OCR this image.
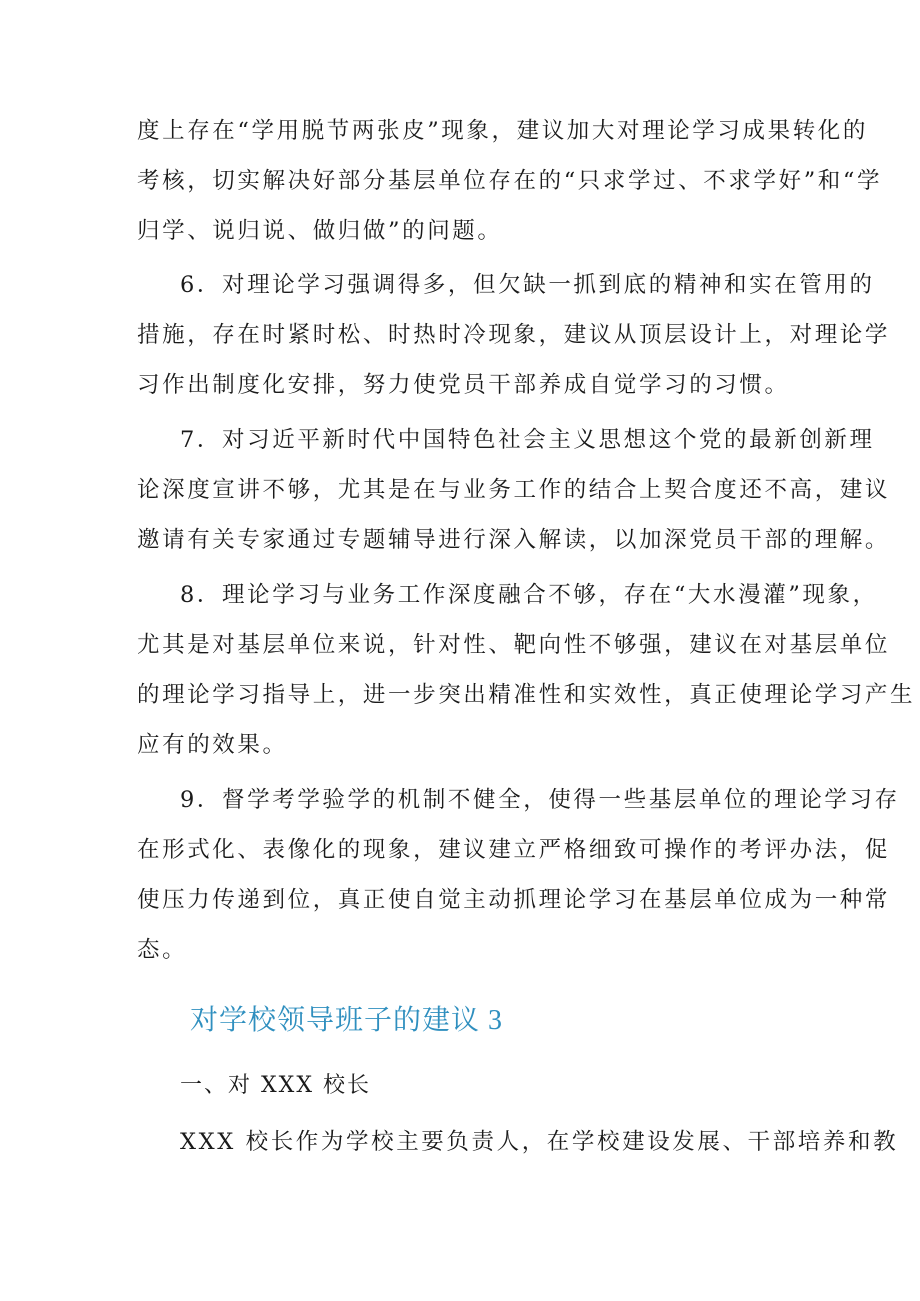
度上存在“学用脱节两张皮”现象，建议加大对理论学习成果转化的
考核，切实解决好部分基层单位存在的“只求学过、不求学好”和“学
归学、说归说、做归做”的问题。
6．对理论学习强调得多，但欠缺一抓到底的精神和实在管用的
措施，存在时紧时松、时热时冷现象，建议从顶层设计上，对理论学
习作出制度化安排，努力使党员干部养成自觉学习的习惯。
7．对习近平新时代中国特色社会主义思想这个党的最新创新理
论深度宣讲不够，尤其是在与业务工作的结合上契合度还不高，建议
邀请有关专家通过专题辅导进行深入解读，以加深党员干部的理解。
8．理论学习与业务工作深度融合不够，存在“大水漫灌”现象，
尤其是对基层单位来说，针对性、靶向性不够强，建议在对基层单位
的理论学习指导上，进一步突出精准性和实效性，真正使理论学习产生
应有的效果。
9．督学考学验学的机制不健全，使得一些基层单位的理论学习存
在形式化、表像化的现象，建议建立严格细致可操作的考评办法，促
使压力传递到位，真正使自觉主动抓理论学习在基层单位成为一种常
态。
对学校领导班子的建议 3
一、对 XXX 校长
XXX 校长作为学校主要负责人，在学校建设发展、干部培养和教
